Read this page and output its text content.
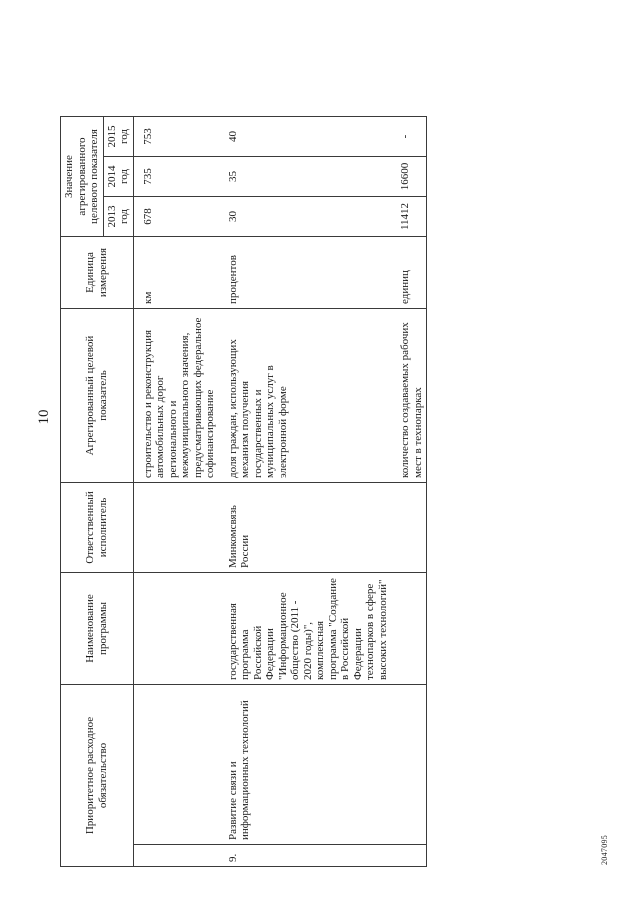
10
Приоритетное расходное обязательство		Наименование программы	Ответственный исполнитель	Агрегированный целевой показатель	Единица измерения	Значение агрегированного целевого показателя		
						2013 год	2014 год	2015 год
				строительство и реконструкция автомобильных дорог регионального и межмуниципального значения, предусматривающих федеральное софинансирование	км	678	735	753
9.	Развитие связи и информационных технологий	государственная программа Российской Федерации "Информационное общество (2011 - 2020 годы)", комплексная программа "Создание в Российской Федерации технопарков в сфере высоких технологий"	Минкомсвязь России	доля граждан, использующих механизм получения государственных и муниципальных услуг в электронной форме	процентов	30	35	40
				количество создаваемых рабочих мест в технопарках	единиц	11412	16600	-
2047095
